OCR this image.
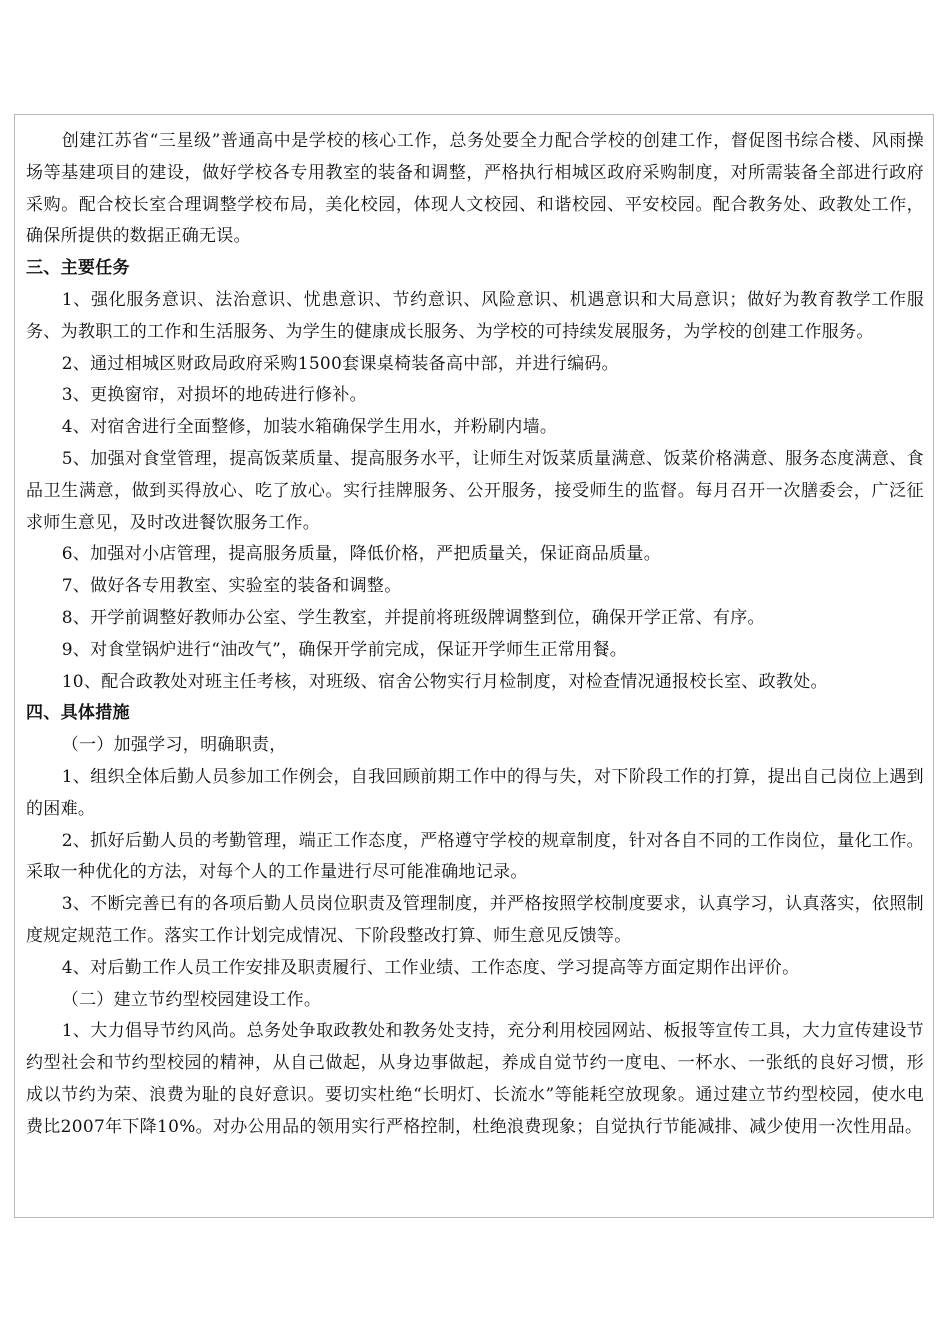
创建江苏省“三星级”普通高中是学校的核心工作，总务处要全力配合学校的创建工作，督促图书综合楼、风雨操场等基建项目的建设，做好学校各专用教室的装备和调整，严格执行相城区政府采购制度，对所需装备全部进行政府采购。配合校长室合理调整学校布局，美化校园，体现人文校园、和谐校园、平安校园。配合教务处、政教处工作，确保所提供的数据正确无误。

三、主要任务

1、强化服务意识、法治意识、忧患意识、节约意识、风险意识、机遇意识和大局意识；做好为教育教学工作服务、为教职工的工作和生活服务、为学生的健康成长服务、为学校的可持续发展服务，为学校的创建工作服务。

2、通过相城区财政局政府采购1500套课桌椅装备高中部，并进行编码。

3、更换窗帘，对损坏的地砖进行修补。

4、对宿舍进行全面整修，加装水箱确保学生用水，并粉刷内墙。

5、加强对食堂管理，提高饭菜质量、提高服务水平，让师生对饭菜质量满意、饭菜价格满意、服务态度满意、食品卫生满意，做到买得放心、吃了放心。实行挂牌服务、公开服务，接受师生的监督。每月召开一次膳委会，广泛征求师生意见，及时改进餐饮服务工作。

6、加强对小店管理，提高服务质量，降低价格，严把质量关，保证商品质量。

7、做好各专用教室、实验室的装备和调整。

8、开学前调整好教师办公室、学生教室，并提前将班级牌调整到位，确保开学正常、有序。

9、对食堂锅炉进行“油改气”，确保开学前完成，保证开学师生正常用餐。

10、配合政教处对班主任考核，对班级、宿舍公物实行月检制度，对检查情况通报校长室、政教处。

四、具体措施

（一）加强学习，明确职责，

1、组织全体后勤人员参加工作例会，自我回顾前期工作中的得与失，对下阶段工作的打算，提出自己岗位上遇到的困难。

2、抓好后勤人员的考勤管理，端正工作态度，严格遵守学校的规章制度，针对各自不同的工作岗位，量化工作。采取一种优化的方法，对每个人的工作量进行尽可能准确地记录。

3、不断完善已有的各项后勤人员岗位职责及管理制度，并严格按照学校制度要求，认真学习，认真落实，依照制度规定规范工作。落实工作计划完成情况、下阶段整改打算、师生意见反馈等。

4、对后勤工作人员工作安排及职责履行、工作业绩、工作态度、学习提高等方面定期作出评价。

（二）建立节约型校园建设工作。

1、大力倡导节约风尚。总务处争取政教处和教务处支持，充分利用校园网站、板报等宣传工具，大力宣传建设节约型社会和节约型校园的精神，从自己做起，从身边事做起，养成自觉节约一度电、一杯水、一张纸的良好习惯，形成以节约为荣、浪费为耻的良好意识。要切实杜绝“长明灯、长流水”等能耗空放现象。通过建立节约型校园，使水电费比2007年下降10%。对办公用品的领用实行严格控制，杜绝浪费现象；自觉执行节能减排、减少使用一次性用品。
